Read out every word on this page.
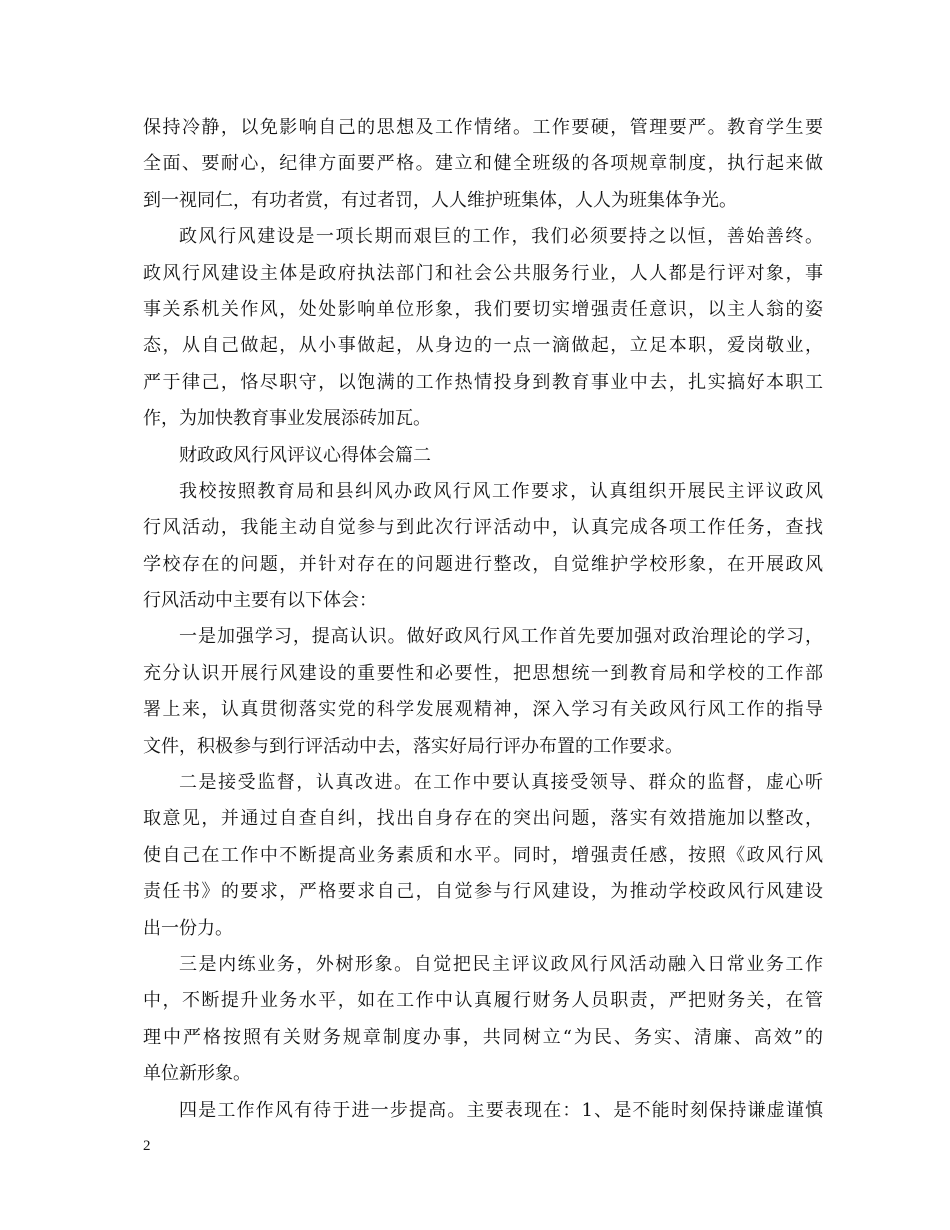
保持冷静，以免影响自己的思想及工作情绪。工作要硬，管理要严。教育学生要
全面、要耐心，纪律方面要严格。建立和健全班级的各项规章制度，执行起来做
到一视同仁，有功者赏，有过者罚，人人维护班集体，人人为班集体争光。
政风行风建设是一项长期而艰巨的工作，我们必须要持之以恒，善始善终。
政风行风建设主体是政府执法部门和社会公共服务行业，人人都是行评对象，事
事关系机关作风，处处影响单位形象，我们要切实增强责任意识，以主人翁的姿
态，从自己做起，从小事做起，从身边的一点一滴做起，立足本职，爱岗敬业，
严于律己，恪尽职守，以饱满的工作热情投身到教育事业中去，扎实搞好本职工
作，为加快教育事业发展添砖加瓦。
财政政风行风评议心得体会篇二
我校按照教育局和县纠风办政风行风工作要求，认真组织开展民主评议政风
行风活动，我能主动自觉参与到此次行评活动中，认真完成各项工作任务，查找
学校存在的问题，并针对存在的问题进行整改，自觉维护学校形象，在开展政风
行风活动中主要有以下体会：
一是加强学习，提高认识。做好政风行风工作首先要加强对政治理论的学习，
充分认识开展行风建设的重要性和必要性，把思想统一到教育局和学校的工作部
署上来，认真贯彻落实党的科学发展观精神，深入学习有关政风行风工作的指导
文件，积极参与到行评活动中去，落实好局行评办布置的工作要求。
二是接受监督，认真改进。在工作中要认真接受领导、群众的监督，虚心听
取意见，并通过自查自纠，找出自身存在的突出问题，落实有效措施加以整改，
使自己在工作中不断提高业务素质和水平。同时，增强责任感，按照《政风行风
责任书》的要求，严格要求自己，自觉参与行风建设，为推动学校政风行风建设
出一份力。
三是内练业务，外树形象。自觉把民主评议政风行风活动融入日常业务工作
中，不断提升业务水平，如在工作中认真履行财务人员职责，严把财务关，在管
理中严格按照有关财务规章制度办事，共同树立“为民、务实、清廉、高效”的
单位新形象。
四是工作作风有待于进一步提高。主要表现在：1、是不能时刻保持谦虚谨慎
2
